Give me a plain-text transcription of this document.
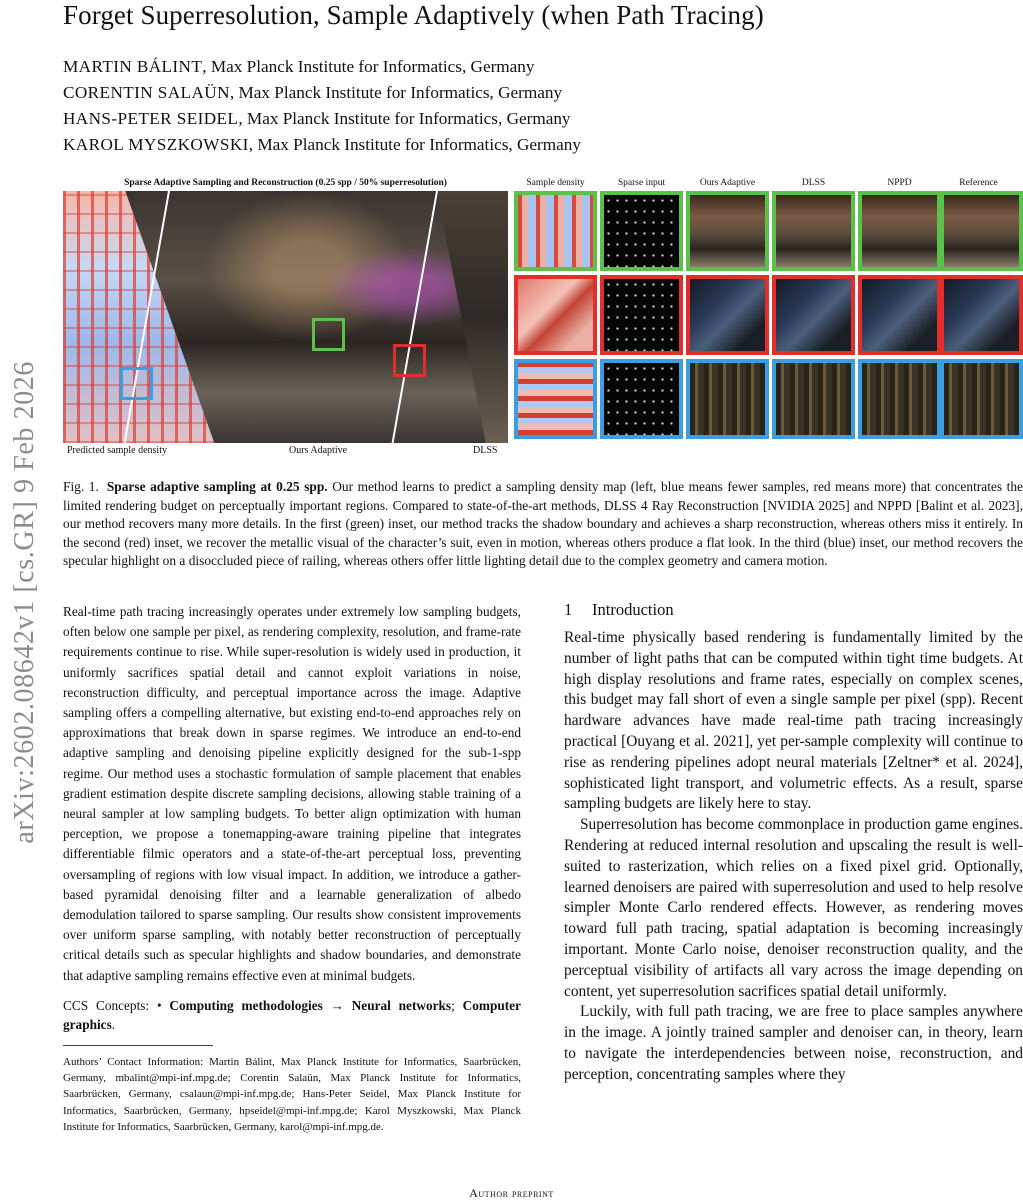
arXiv:2602.08642v1 [cs.GR] 9 Feb 2026
Forget Superresolution, Sample Adaptively (when Path Tracing)
MARTIN BÁLINT, Max Planck Institute for Informatics, Germany
CORENTIN SALAÜN, Max Planck Institute for Informatics, Germany
HANS-PETER SEIDEL, Max Planck Institute for Informatics, Germany
KAROL MYSZKOWSKI, Max Planck Institute for Informatics, Germany
Sparse Adaptive Sampling and Reconstruction (0.25 spp / 50% superresolution)
Predicted sample density	Ours Adaptive	DLSS
Sample density	Sparse input	Ours Adaptive	DLSS	NPPD	Reference

Fig. 1. Sparse adaptive sampling at 0.25 spp. Our method learns to predict a sampling density map (left, blue means fewer samples, red means more) that concentrates the limited rendering budget on perceptually important regions. Compared to state-of-the-art methods, DLSS 4 Ray Reconstruction [NVIDIA 2025] and NPPD [Balint et al. 2023], our method recovers many more details. In the first (green) inset, our method tracks the shadow boundary and achieves a sharp reconstruction, whereas others miss it entirely. In the second (red) inset, we recover the metallic visual of the character’s suit, even in motion, whereas others produce a flat look. In the third (blue) inset, our method recovers the specular highlight on a disoccluded piece of railing, whereas others offer little lighting detail due to the complex geometry and camera motion.

Real-time path tracing increasingly operates under extremely low sampling budgets, often below one sample per pixel, as rendering complexity, resolution, and frame-rate requirements continue to rise. While super-resolution is widely used in production, it uniformly sacrifices spatial detail and cannot exploit variations in noise, reconstruction difficulty, and perceptual importance across the image. Adaptive sampling offers a compelling alternative, but existing end-to-end approaches rely on approximations that break down in sparse regimes. We introduce an end-to-end adaptive sampling and denoising pipeline explicitly designed for the sub-1-spp regime. Our method uses a stochastic formulation of sample placement that enables gradient estimation despite discrete sampling decisions, allowing stable training of a neural sampler at low sampling budgets. To better align optimization with human perception, we propose a tonemapping-aware training pipeline that integrates differentiable filmic operators and a state-of-the-art perceptual loss, preventing oversampling of regions with low visual impact. In addition, we introduce a gather-based pyramidal denoising filter and a learnable generalization of albedo demodulation tailored to sparse sampling. Our results show consistent improvements over uniform sparse sampling, with notably better reconstruction of perceptually critical details such as specular highlights and shadow boundaries, and demonstrate that adaptive sampling remains effective even at minimal budgets.

CCS Concepts: • Computing methodologies → Neural networks; Computer graphics.

Authors’ Contact Information: Martin Bálint, Max Planck Institute for Informatics, Saarbrücken, Germany, mbalint@mpi-inf.mpg.de; Corentin Salaün, Max Planck Institute for Informatics, Saarbrücken, Germany, csalaun@mpi-inf.mpg.de; Hans-Peter Seidel, Max Planck Institute for Informatics, Saarbrücken, Germany, hpseidel@mpi-inf.mpg.de; Karol Myszkowski, Max Planck Institute for Informatics, Saarbrücken, Germany, karol@mpi-inf.mpg.de.

1 Introduction

Real-time physically based rendering is fundamentally limited by the number of light paths that can be computed within tight time budgets. At high display resolutions and frame rates, especially on complex scenes, this budget may fall short of even a single sample per pixel (spp). Recent hardware advances have made real-time path tracing increasingly practical [Ouyang et al. 2021], yet per-sample complexity will continue to rise as rendering pipelines adopt neural materials [Zeltner* et al. 2024], sophisticated light transport, and volumetric effects. As a result, sparse sampling budgets are likely here to stay.

Superresolution has become commonplace in production game engines. Rendering at reduced internal resolution and upscaling the result is well-suited to rasterization, which relies on a fixed pixel grid. Optionally, learned denoisers are paired with superresolution and used to help resolve simpler Monte Carlo rendered effects. However, as rendering moves toward full path tracing, spatial adaptation is becoming increasingly important. Monte Carlo noise, denoiser reconstruction quality, and the perceptual visibility of artifacts all vary across the image depending on content, yet superresolution sacrifices spatial detail uniformly.

Luckily, with full path tracing, we are free to place samples anywhere in the image. A jointly trained sampler and denoiser can, in theory, learn to navigate the interdependencies between noise, reconstruction, and perception, concentrating samples where they

Author preprint
